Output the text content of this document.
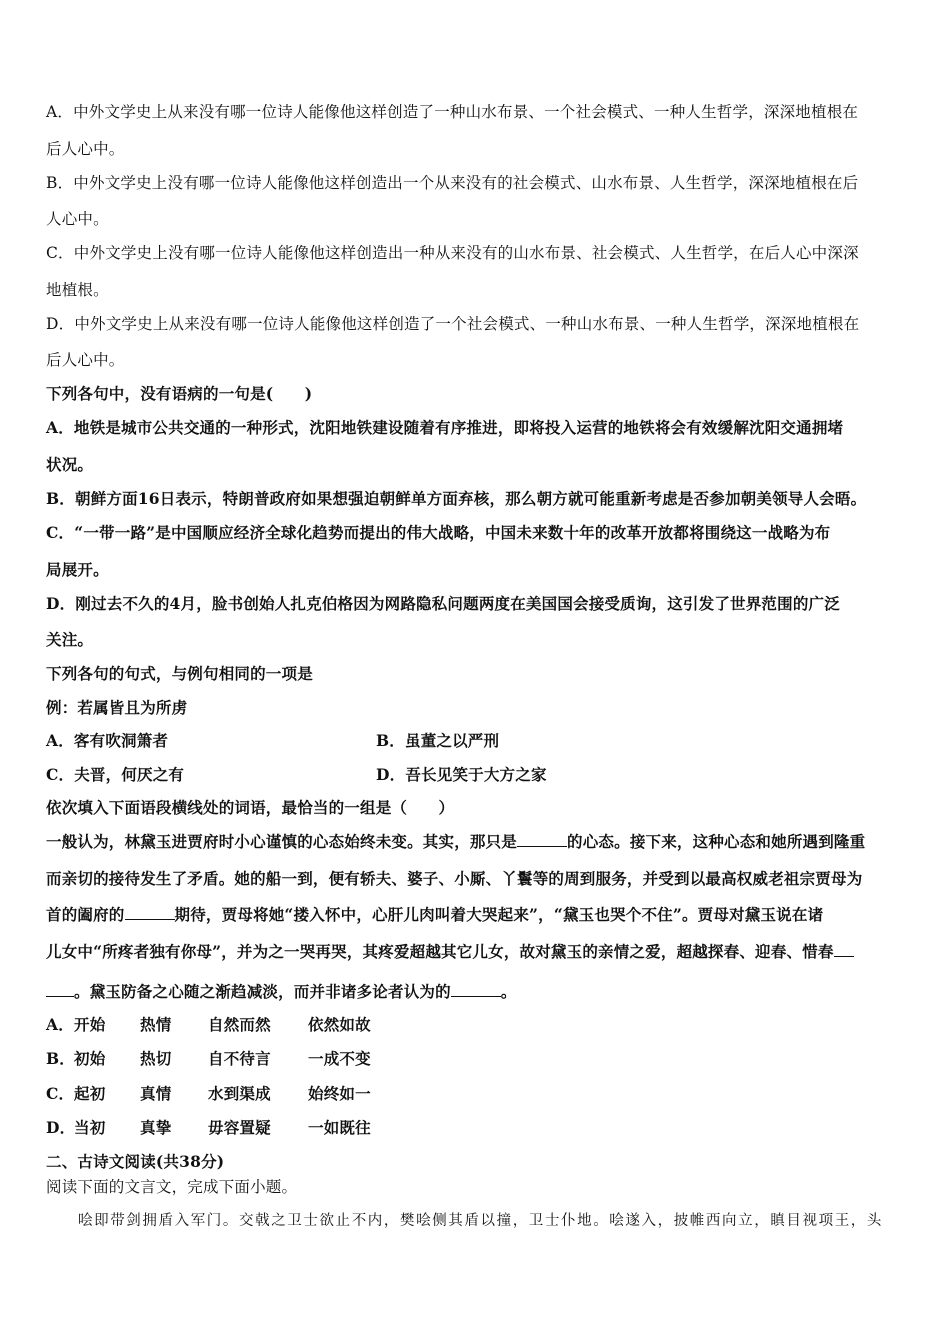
A．中外文学史上从来没有哪一位诗人能像他这样创造了一种山水布景、一个社会模式、一种人生哲学，深深地植根在
后人心中。
B．中外文学史上没有哪一位诗人能像他这样创造出一个从来没有的社会模式、山水布景、人生哲学，深深地植根在后
人心中。
C．中外文学史上没有哪一位诗人能像他这样创造出一种从来没有的山水布景、社会模式、人生哲学，在后人心中深深
地植根。
D．中外文学史上从来没有哪一位诗人能像他这样创造了一个社会模式、一种山水布景、一种人生哲学，深深地植根在
后人心中。
下列各句中，没有语病的一句是(　　)
A．地铁是城市公共交通的一种形式，沈阳地铁建设随着有序推进，即将投入运营的地铁将会有效缓解沈阳交通拥堵
状况。
B．朝鲜方面16日表示，特朗普政府如果想强迫朝鲜单方面弃核，那么朝方就可能重新考虑是否参加朝美领导人会晤。
C．“一带一路”是中国顺应经济全球化趋势而提出的伟大战略，中国未来数十年的改革开放都将围绕这一战略为布
局展开。
D．刚过去不久的4月，脸书创始人扎克伯格因为网路隐私问题两度在美国国会接受质询，这引发了世界范围的广泛
关注。
下列各句的句式，与例句相同的一项是
例：若属皆且为所虏
A．客有吹洞箫者	B．虽董之以严刑
C．夫晋，何厌之有	D．吾长见笑于大方之家
依次填入下面语段横线处的词语，最恰当的一组是（　　）
一般认为，林黛玉进贾府时小心谨慎的心态始终未变。其实，那只是	的心态。接下来，这种心态和她所遇到隆重
而亲切的接待发生了矛盾。她的船一到，便有轿夫、婆子、小厮、丫鬟等的周到服务，并受到以最高权威老祖宗贾母为
首的阖府的	期待，贾母将她“搂入怀中，心肝儿肉叫着大哭起来”，“黛玉也哭个不住”。贾母对黛玉说在诸
儿女中“所疼者独有你母”，并为之一哭再哭，其疼爱超越其它儿女，故对黛玉的亲情之爱，超越探春、迎春、惜春
。黛玉防备之心随之渐趋减淡，而并非诸多论者认为的	。
A．开始 热情 自然而然 依然如故
B．初始 热切 自不待言 一成不变
C．起初 真情 水到渠成 始终如一
D．当初 真挚 毋容置疑 一如既往
二、古诗文阅读(共38分)
阅读下面的文言文，完成下面小题。
哙即带剑拥盾入军门。交戟之卫士欲止不内，樊哙侧其盾以撞，卫士仆地。哙遂入，披帷西向立，瞋目视项王，头
